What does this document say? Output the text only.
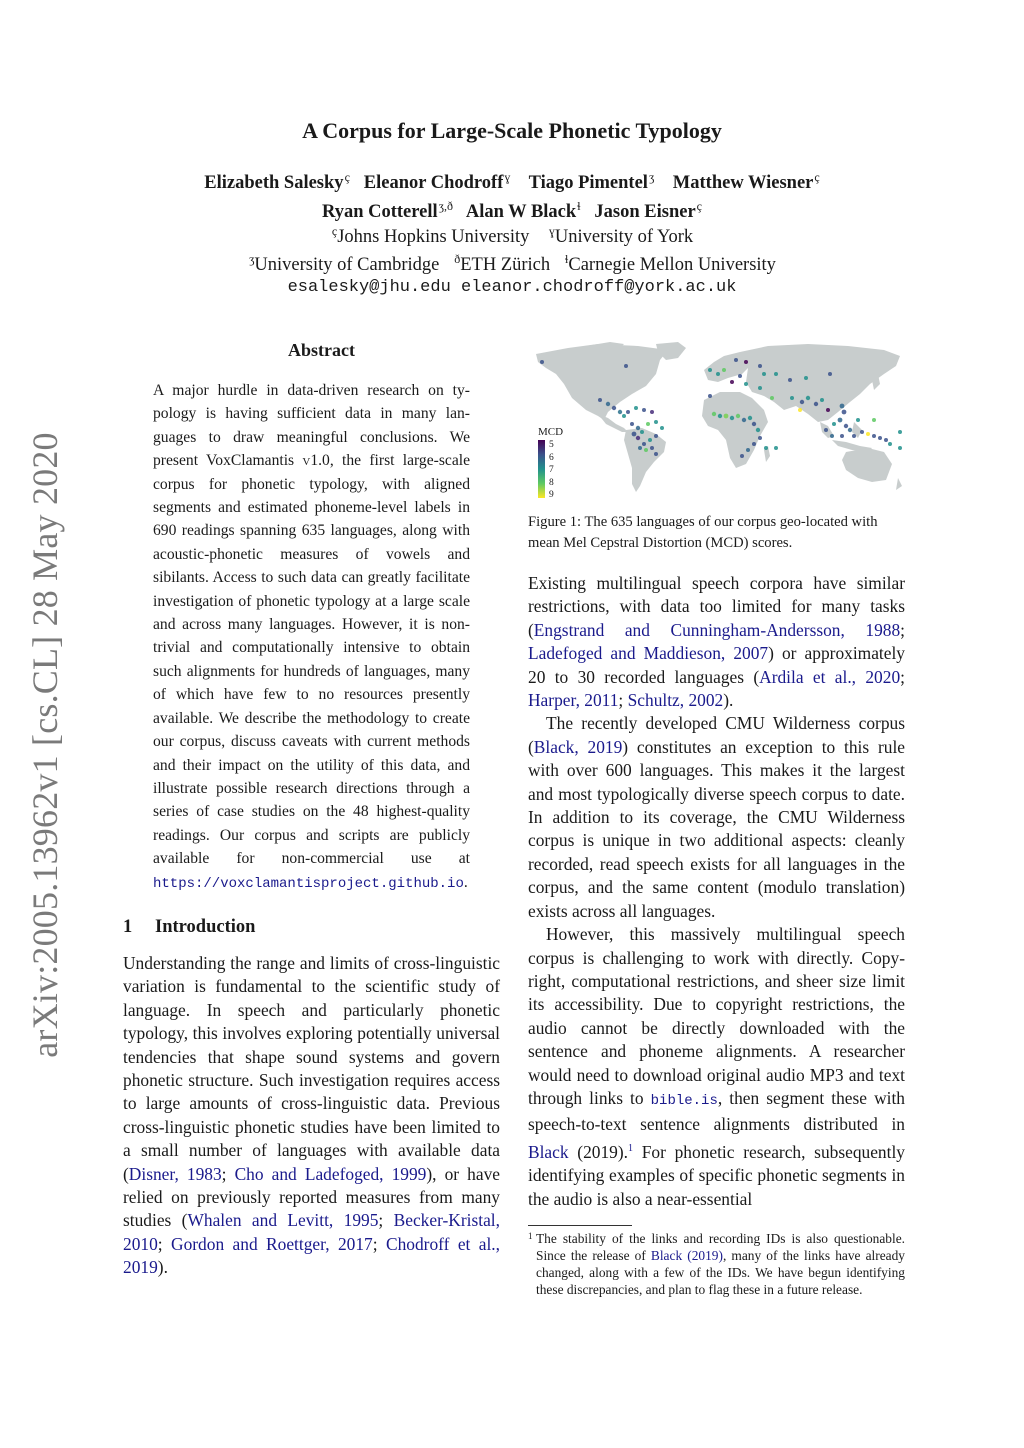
arXiv:2005.13962v1 [cs.CL] 28 May 2020
A Corpus for Large-Scale Phonetic Typology
Elizabeth Salesky$^ç$ Eleanor Chodroff$^ɣ$ Tiago Pimentel$^ʒ$ Matthew Wiesner$^ç$
Ryan Cotterell$^{ʒ,ð}$ Alan W Black$^ɬ$ Jason Eisner$^ç$
$^ç$Johns Hopkins University $^ɣ$University of York
$^ʒ$University of Cambridge $^ð$ETH Zürich $^ɬ$Carnegie Mellon University
esalesky@jhu.edu eleanor.chodroff@york.ac.uk
Abstract
A major hurdle in data-driven research on typology is having sufficient data in many languages to draw meaningful conclusions. We present VoxClamantis v1.0, the first large-scale corpus for phonetic typology, with aligned segments and estimated phoneme-level labels in 690 readings spanning 635 languages, along with acoustic-phonetic measures of vowels and sibilants. Access to such data can greatly facilitate investigation of phonetic typology at a large scale and across many languages. However, it is non-trivial and computationally intensive to obtain such alignments for hundreds of languages, many of which have few to no resources presently available. We describe the methodology to create our corpus, discuss caveats with current methods and their impact on the utility of this data, and illustrate possible research directions through a series of case studies on the 48 highest-quality readings. Our corpus and scripts are publicly available for non-commercial use at https://voxclamantisproject.github.io.
1 Introduction
Understanding the range and limits of cross-linguistic variation is fundamental to the scientific study of language. In speech and particularly phonetic typology, this involves exploring potentially universal tendencies that shape sound systems and govern phonetic structure. Such investigation requires access to large amounts of cross-linguistic data. Previous cross-linguistic phonetic studies have been limited to a small number of languages with available data (Disner, 1983; Cho and Ladefoged, 1999), or have relied on previously reported measures from many studies (Whalen and Levitt, 1995; Becker-Kristal, 2010; Gordon and Roettger, 2017; Chodroff et al., 2019).
MCD
5
6
7
8
9
Figure 1: The 635 languages of our corpus geo-located with mean Mel Cepstral Distortion (MCD) scores.
Existing multilingual speech corpora have similar restrictions, with data too limited for many tasks (Engstrand and Cunningham-Andersson, 1988; Ladefoged and Maddieson, 2007) or approximately 20 to 30 recorded languages (Ardila et al., 2020; Harper, 2011; Schultz, 2002).
The recently developed CMU Wilderness corpus (Black, 2019) constitutes an exception to this rule with over 600 languages. This makes it the largest and most typologically diverse speech corpus to date. In addition to its coverage, the CMU Wilderness corpus is unique in two additional aspects: cleanly recorded, read speech exists for all languages in the corpus, and the same content (modulo translation) exists across all languages.
However, this massively multilingual speech corpus is challenging to work with directly. Copyright, computational restrictions, and sheer size limit its accessibility. Due to copyright restrictions, the audio cannot be directly downloaded with the sentence and phoneme alignments. A researcher would need to download original audio MP3 and text through links to bible.is, then segment these with speech-to-text sentence alignments distributed in Black (2019).$^1$ For phonetic research, subsequently identifying examples of specific phonetic segments in the audio is also a near-essential
1 The stability of the links and recording IDs is also questionable. Since the release of Black (2019), many of the links have already changed, along with a few of the IDs. We have begun identifying these discrepancies, and plan to flag these in a future release.
